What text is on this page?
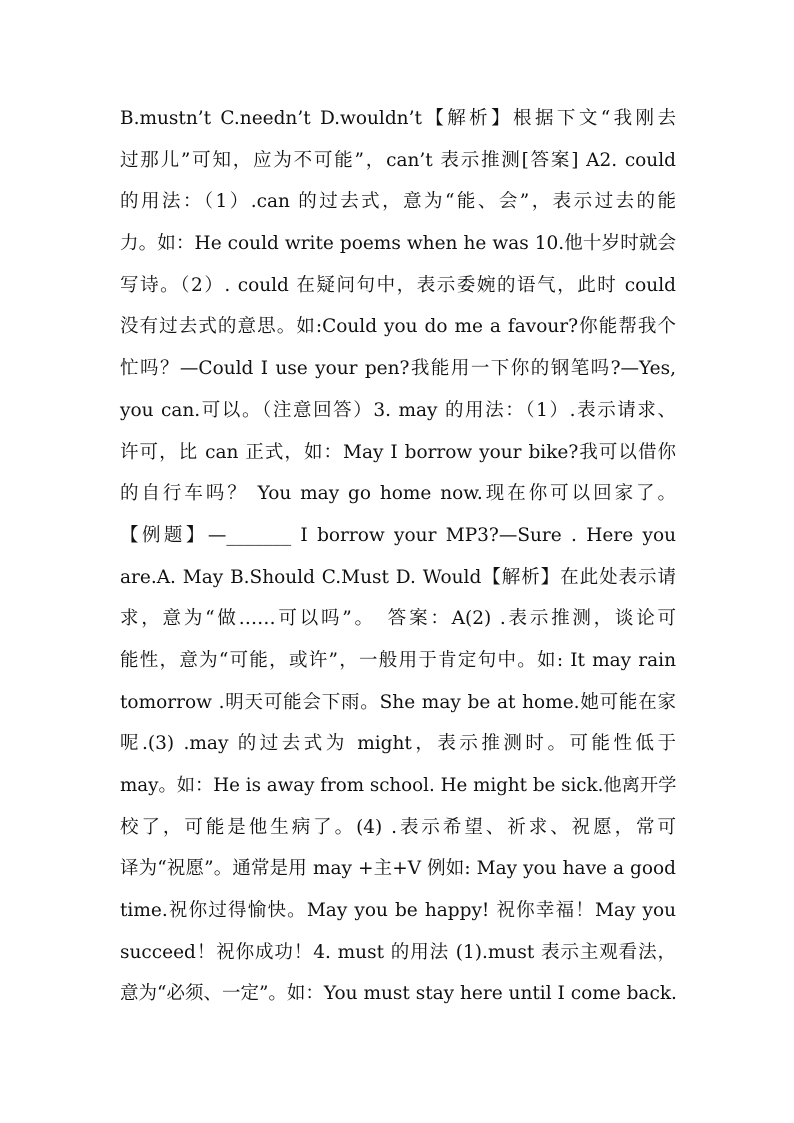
B.mustn’t C.needn’t D.wouldn’t【解析】根据下文“我刚去
过那儿”可知，应为不可能”，can’t 表示推测[答案] A2. could
的用法：（1）.can 的过去式，意为“能、会”，表示过去的能
力。如：He could write poems when he was 10.他十岁时就会
写诗。（2）. could 在疑问句中，表示委婉的语气，此时 could
没有过去式的意思。如:Could you do me a favour?你能帮我个
忙吗？—Could I use your pen?我能用一下你的钢笔吗?—Yes,
you can.可以。（注意回答）3. may 的用法：（1）.表示请求、
许可，比 can 正式，如：May I borrow your bike?我可以借你
的自行车吗？ You may go home now.现在你可以回家了。
【例题】—_______ I borrow your MP3?—Sure . Here you
are.A. May B.Should C.Must D. Would【解析】在此处表示请
求，意为“做……可以吗”。　答案：A(2) .表示推测，谈论可
能性，意为“可能，或许”，一般用于肯定句中。如: It may rain
tomorrow .明天可能会下雨。She may be at home.她可能在家
呢.(3) .may 的过去式为 might，表示推测时。可能性低于
may。如：He is away from school. He might be sick.他离开学
校了，可能是他生病了。(4) .表示希望、祈求、祝愿，常可
译为“祝愿”。通常是用 may +主+V 例如: May you have a good
time.祝你过得愉快。May you be happy! 祝你幸福！May you
succeed！祝你成功！4. must 的用法 (1).must 表示主观看法，
意为“必须、一定”。如：You must stay here until I come back.
